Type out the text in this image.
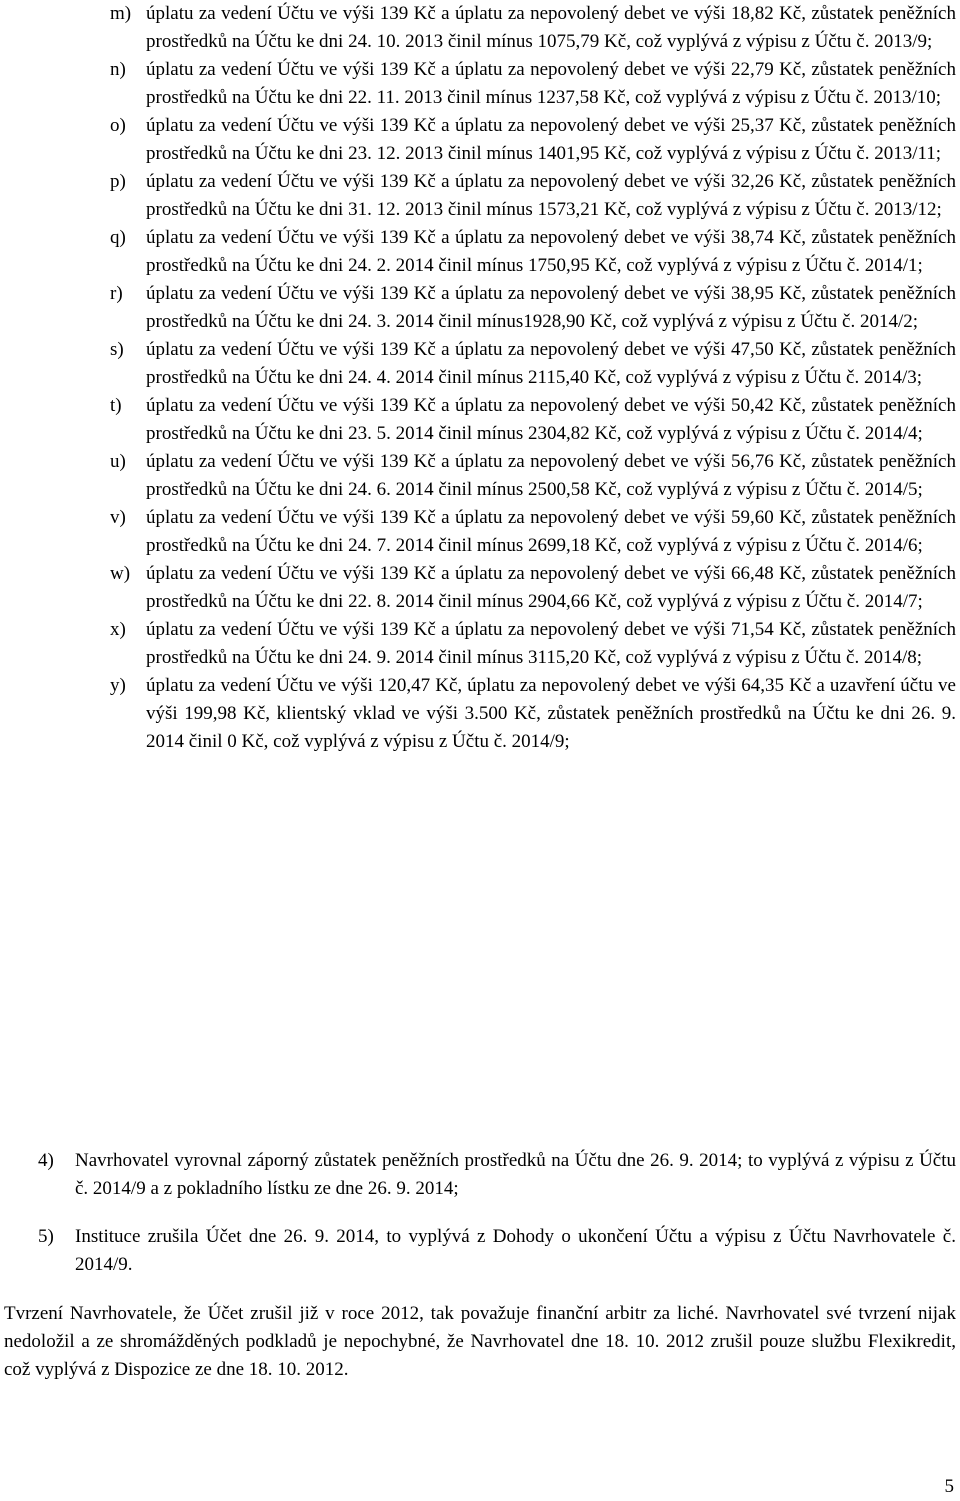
m) úplatu za vedení Účtu ve výši 139 Kč a úplatu za nepovolený debet ve výši 18,82 Kč, zůstatek peněžních prostředků na Účtu ke dni 24. 10. 2013 činil mínus 1075,79 Kč, což vyplývá z výpisu z Účtu č. 2013/9;
n) úplatu za vedení Účtu ve výši 139 Kč a úplatu za nepovolený debet ve výši 22,79 Kč, zůstatek peněžních prostředků na Účtu ke dni 22. 11. 2013 činil mínus 1237,58 Kč, což vyplývá z výpisu z Účtu č. 2013/10;
o) úplatu za vedení Účtu ve výši 139 Kč a úplatu za nepovolený debet ve výši 25,37 Kč, zůstatek peněžních prostředků na Účtu ke dni 23. 12. 2013 činil mínus 1401,95 Kč, což vyplývá z výpisu z Účtu č. 2013/11;
p) úplatu za vedení Účtu ve výši 139 Kč a úplatu za nepovolený debet ve výši 32,26 Kč, zůstatek peněžních prostředků na Účtu ke dni 31. 12. 2013 činil mínus 1573,21 Kč, což vyplývá z výpisu z Účtu č. 2013/12;
q) úplatu za vedení Účtu ve výši 139 Kč a úplatu za nepovolený debet ve výši 38,74 Kč, zůstatek peněžních prostředků na Účtu ke dni 24. 2. 2014 činil mínus 1750,95 Kč, což vyplývá z výpisu z Účtu č. 2014/1;
r) úplatu za vedení Účtu ve výši 139 Kč a úplatu za nepovolený debet ve výši 38,95 Kč, zůstatek peněžních prostředků na Účtu ke dni 24. 3. 2014 činil mínus1928,90 Kč, což vyplývá z výpisu z Účtu č. 2014/2;
s) úplatu za vedení Účtu ve výši 139 Kč a úplatu za nepovolený debet ve výši 47,50 Kč, zůstatek peněžních prostředků na Účtu ke dni 24. 4. 2014 činil mínus 2115,40 Kč, což vyplývá z výpisu z Účtu č. 2014/3;
t) úplatu za vedení Účtu ve výši 139 Kč a úplatu za nepovolený debet ve výši 50,42 Kč, zůstatek peněžních prostředků na Účtu ke dni 23. 5. 2014 činil mínus 2304,82 Kč, což vyplývá z výpisu z Účtu č. 2014/4;
u) úplatu za vedení Účtu ve výši 139 Kč a úplatu za nepovolený debet ve výši 56,76 Kč, zůstatek peněžních prostředků na Účtu ke dni 24. 6. 2014 činil mínus 2500,58 Kč, což vyplývá z výpisu z Účtu č. 2014/5;
v) úplatu za vedení Účtu ve výši 139 Kč a úplatu za nepovolený debet ve výši 59,60 Kč, zůstatek peněžních prostředků na Účtu ke dni 24. 7. 2014 činil mínus 2699,18 Kč, což vyplývá z výpisu z Účtu č. 2014/6;
w) úplatu za vedení Účtu ve výši 139 Kč a úplatu za nepovolený debet ve výši 66,48 Kč, zůstatek peněžních prostředků na Účtu ke dni 22. 8. 2014 činil mínus 2904,66 Kč, což vyplývá z výpisu z Účtu č. 2014/7;
x) úplatu za vedení Účtu ve výši 139 Kč a úplatu za nepovolený debet ve výši 71,54 Kč, zůstatek peněžních prostředků na Účtu ke dni 24. 9. 2014 činil mínus 3115,20 Kč, což vyplývá z výpisu z Účtu č. 2014/8;
y) úplatu za vedení Účtu ve výši 120,47 Kč, úplatu za nepovolený debet ve výši 64,35 Kč a uzavření účtu ve výši 199,98 Kč, klientský vklad ve výši 3.500 Kč, zůstatek peněžních prostředků na Účtu ke dni 26. 9. 2014 činil 0 Kč, což vyplývá z výpisu z Účtu č. 2014/9;
4) Navrhovatel vyrovnal záporný zůstatek peněžních prostředků na Účtu dne 26. 9. 2014; to vyplývá z výpisu z Účtu č. 2014/9 a z pokladního lístku ze dne 26. 9. 2014;
5) Instituce zrušila Účet dne 26. 9. 2014, to vyplývá z Dohody o ukončení Účtu a výpisu z Účtu Navrhovatele č. 2014/9.
Tvrzení Navrhovatele, že Účet zrušil již v roce 2012, tak považuje finanční arbitr za liché. Navrhovatel své tvrzení nijak nedoložil a ze shromážděných podkladů je nepochybné, že Navrhovatel dne 18. 10. 2012 zrušil pouze službu Flexikredit, což vyplývá z Dispozice ze dne 18. 10. 2012.
5
